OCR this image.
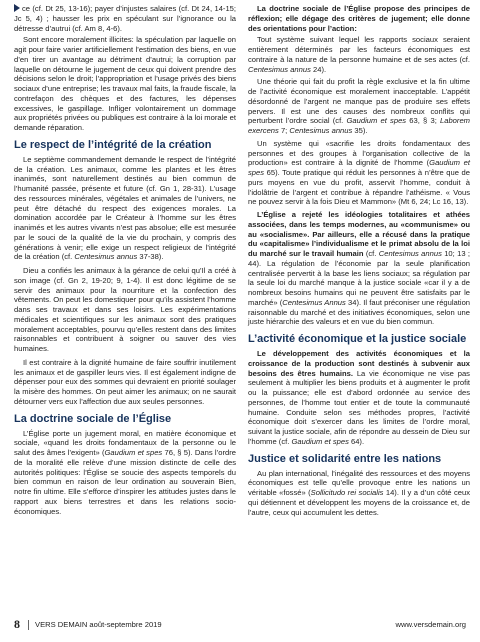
ce (cf. Dt 25, 13-16); payer d’injustes salaires (cf. Dt 24, 14-15; Jc 5, 4) ; hausser les prix en spéculant sur l’ignorance ou la détresse d’autrui (cf. Am 8, 4-6).

Sont encore moralement illicites: la spéculation par laquelle on agit pour faire varier artificiellement l’estimation des biens, en vue d’en tirer un avantage au détriment d’autrui; la corruption par laquelle on détourne le jugement de ceux qui doivent prendre des décisions selon le droit; l’appropriation et l’usage privés des biens sociaux d’une entreprise; les travaux mal faits, la fraude fiscale, la contrefaçon des chèques et des factures, les dépenses excessives, le gaspillage. Infliger volontairement un dommage aux propriétés privées ou publiques est contraire à la loi morale et demande réparation.

Le respect de l’intégrité de la création

Le septième commandement demande le respect de l’intégrité de la création. Les animaux, comme les plantes et les êtres inanimés, sont naturellement destinés au bien commun de l’humanité passée, présente et future (cf. Gn 1, 28-31). L’usage des ressources minérales, végétales et animales de l’univers, ne peut être détaché du respect des exigences morales. La domination accordée par le Créateur à l’homme sur les êtres inanimés et les autres vivants n’est pas absolue; elle est mesurée par le souci de la qualité de la vie du prochain, y compris des générations à venir; elle exige un respect religieux de l’intégrité de la création (cf. Centesimus annus 37-38).

Dieu a confiés les animaux à la gérance de celui qu’Il a créé à son image (cf. Gn 2, 19-20; 9, 1-4). Il est donc légitime de se servir des animaux pour la nourriture et la confection des vêtements. On peut les domestiquer pour qu’ils assistent l’homme dans ses travaux et dans ses loisirs. Les expérimentations médicales et scientifiques sur les animaux sont des pratiques moralement acceptables, pourvu qu’elles restent dans des limites raisonnables et contribuent à soigner ou sauver des vies humaines.

Il est contraire à la dignité humaine de faire souffrir inutilement les animaux et de gaspiller leurs vies. Il est également indigne de dépenser pour eux des sommes qui devraient en priorité soulager la misère des hommes. On peut aimer les animaux; on ne saurait détourner vers eux l’affection due aux seules personnes.

La doctrine sociale de l’Église

L’Église porte un jugement moral, en matière économique et sociale, «quand les droits fondamentaux de la personne ou le salut des âmes l’exigent» (Gaudium et spes 76, § 5). Dans l’ordre de la moralité elle relève d’une mission distincte de celle des autorités politiques: l’Église se soucie des aspects temporels du bien commun en raison de leur ordination au souverain Bien, notre fin ultime. Elle s’efforce d’inspirer les attitudes justes dans le rapport aux biens terrestres et dans les relations socio-économiques.

La doctrine sociale de l’Église propose des principes de réflexion; elle dégage des critères de jugement; elle donne des orientations pour l’action:

Tout système suivant lequel les rapports sociaux seraient entièrement déterminés par les facteurs économiques est contraire à la nature de la personne humaine et de ses actes (cf. Centesimus annus 24).

Une théorie qui fait du profit la règle exclusive et la fin ultime de l’activité économique est moralement inacceptable. L’appétit désordonné de l’argent ne manque pas de produire ses effets pervers. Il est une des causes des nombreux conflits qui perturbent l’ordre social (cf. Gaudium et spes 63, § 3; Laborem exercens 7; Centesimus annus 35).

Un système qui «sacrifie les droits fondamentaux des personnes et des groupes à l’organisation collective de la production» est contraire à la dignité de l’homme (Gaudium et spes 65). Toute pratique qui réduit les personnes à n’être que de purs moyens en vue du profit, asservit l’homme, conduit à l’idolâtrie de l’argent et contribue à répandre l’athéisme. « Vous ne pouvez servir à la fois Dieu et Mammon» (Mt 6, 24; Lc 16, 13).

L’Église a rejeté les idéologies totalitaires et athées associées, dans les temps modernes, au «communisme» ou au «socialisme». Par ailleurs, elle a récusé dans la pratique du «capitalisme» l’individualisme et le primat absolu de la loi du marché sur le travail humain (cf. Centesimus annus 10; 13 ; 44). La régulation de l’économie par la seule planification centralisée pervertit à la base les liens sociaux; sa régulation par la seule loi du marché manque à la justice sociale «car il y a de nombreux besoins humains qui ne peuvent être satisfaits par le marché» (Centesimus Annus 34). Il faut préconiser une régulation raisonnable du marché et des initiatives économiques, selon une juste hiérarchie des valeurs et en vue du bien commun.

L’activité économique et la justice sociale

Le développement des activités économiques et la croissance de la production sont destinés à subvenir aux besoins des êtres humains. La vie économique ne vise pas seulement à multiplier les biens produits et à augmenter le profit ou la puissance; elle est d’abord ordonnée au service des personnes, de l’homme tout entier et de toute la communauté humaine. Conduite selon ses méthodes propres, l’activité économique doit s’exercer dans les limites de l’ordre moral, suivant la justice sociale, afin de répondre au dessein de Dieu sur l’homme (cf. Gaudium et spes 64).

Justice et solidarité entre les nations

Au plan international, l’inégalité des ressources et des moyens économiques est telle qu’elle provoque entre les nations un véritable «fossé» (Sollicitudo rei socialis 14). Il y a d’un côté ceux qui détiennent et développent les moyens de la croissance et, de l’autre, ceux qui accumulent les dettes.

8 VERS DEMAIN août-septembre 2019	www.versdemain.org
